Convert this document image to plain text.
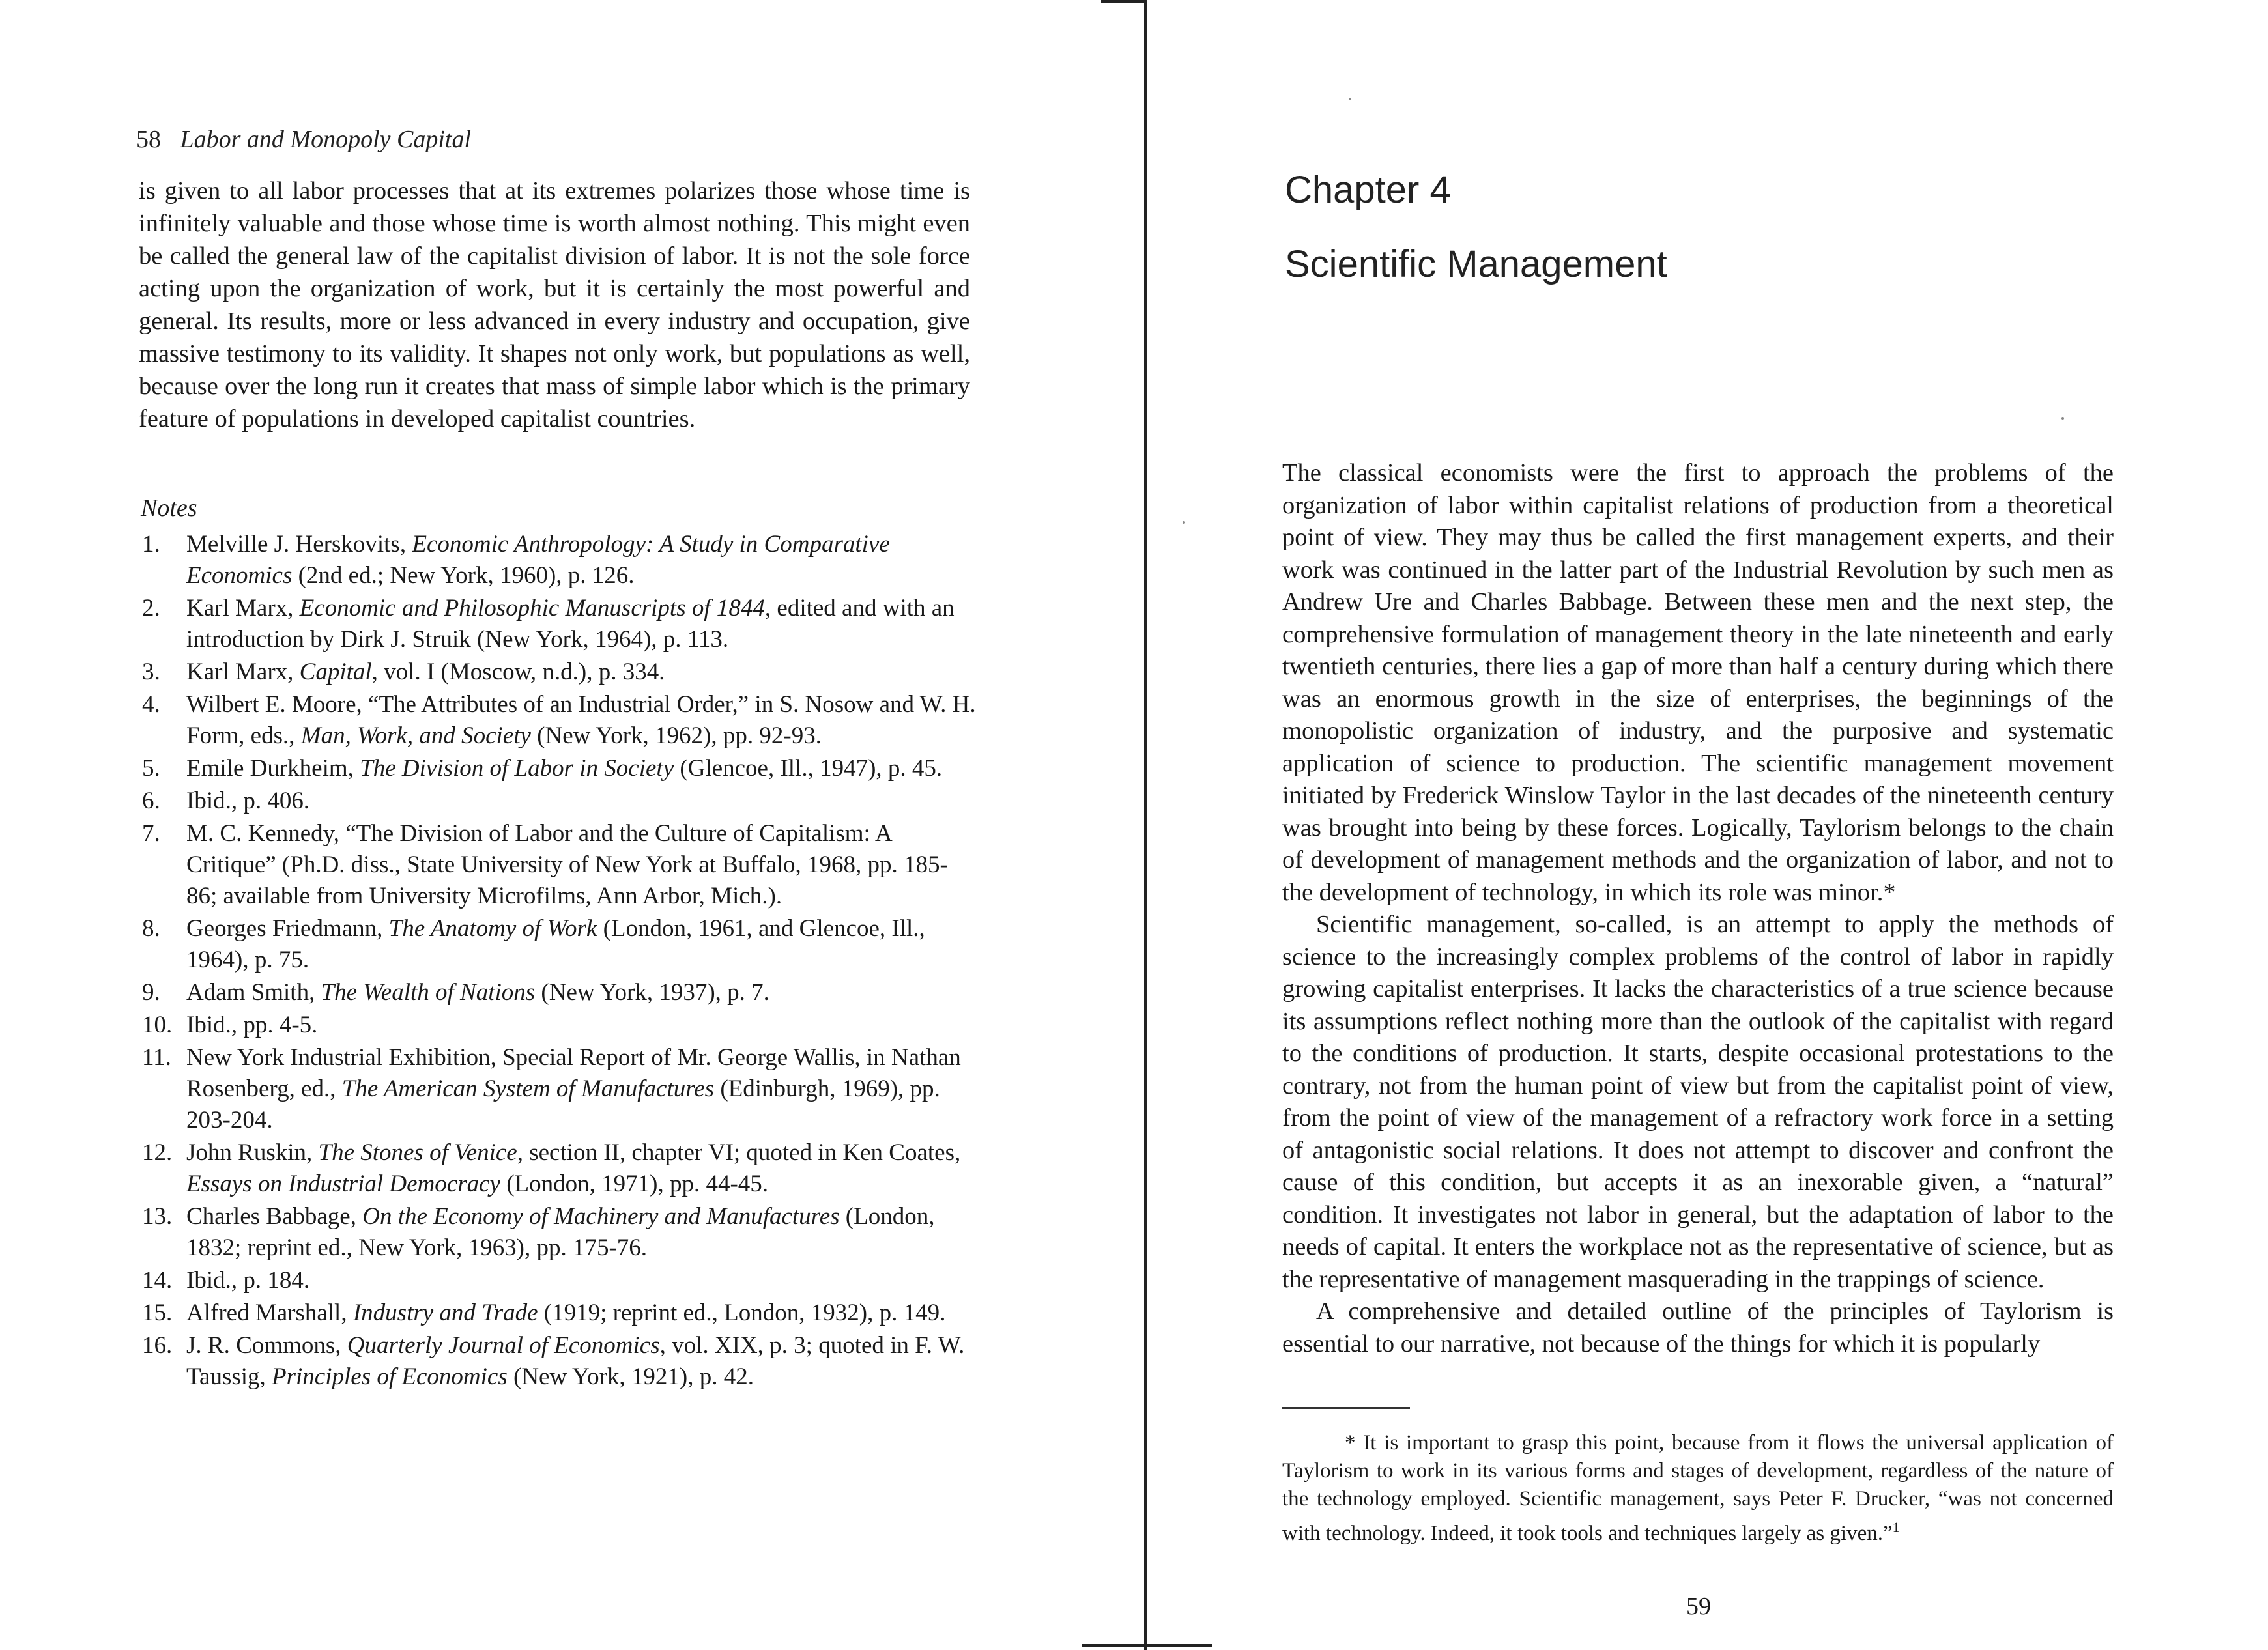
58 Labor and Monopoly Capital

is given to all labor processes that at its extremes polarizes those whose time is infinitely valuable and those whose time is worth almost nothing. This might even be called the general law of the capitalist division of labor. It is not the sole force acting upon the organization of work, but it is certainly the most powerful and general. Its results, more or less advanced in every industry and occupation, give massive testimony to its validity. It shapes not only work, but populations as well, because over the long run it creates that mass of simple labor which is the primary feature of populations in developed capitalist countries.

Notes
1. Melville J. Herskovits, Economic Anthropology: A Study in Comparative Economics (2nd ed.; New York, 1960), p. 126.
2. Karl Marx, Economic and Philosophic Manuscripts of 1844, edited and with an introduction by Dirk J. Struik (New York, 1964), p. 113.
3. Karl Marx, Capital, vol. I (Moscow, n.d.), p. 334.
4. Wilbert E. Moore, “The Attributes of an Industrial Order,” in S. Nosow and W. H. Form, eds., Man, Work, and Society (New York, 1962), pp. 92-93.
5. Emile Durkheim, The Division of Labor in Society (Glencoe, Ill., 1947), p. 45.
6. Ibid., p. 406.
7. M. C. Kennedy, “The Division of Labor and the Culture of Capitalism: A Critique” (Ph.D. diss., State University of New York at Buffalo, 1968, pp. 185-86; available from University Microfilms, Ann Arbor, Mich.).
8. Georges Friedmann, The Anatomy of Work (London, 1961, and Glencoe, Ill., 1964), p. 75.
9. Adam Smith, The Wealth of Nations (New York, 1937), p. 7.
10. Ibid., pp. 4-5.
11. New York Industrial Exhibition, Special Report of Mr. George Wallis, in Nathan Rosenberg, ed., The American System of Manufactures (Edinburgh, 1969), pp. 203-204.
12. John Ruskin, The Stones of Venice, section II, chapter VI; quoted in Ken Coates, Essays on Industrial Democracy (London, 1971), pp. 44-45.
13. Charles Babbage, On the Economy of Machinery and Manufactures (London, 1832; reprint ed., New York, 1963), pp. 175-76.
14. Ibid., p. 184.
15. Alfred Marshall, Industry and Trade (1919; reprint ed., London, 1932), p. 149.
16. J. R. Commons, Quarterly Journal of Economics, vol. XIX, p. 3; quoted in F. W. Taussig, Principles of Economics (New York, 1921), p. 42.
Chapter 4
Scientific Management

The classical economists were the first to approach the problems of the organization of labor within capitalist relations of production from a theoretical point of view. They may thus be called the first management experts, and their work was continued in the latter part of the Industrial Revolution by such men as Andrew Ure and Charles Babbage. Between these men and the next step, the comprehensive formulation of management theory in the late nineteenth and early twentieth centuries, there lies a gap of more than half a century during which there was an enormous growth in the size of enterprises, the beginnings of the monopolistic organization of industry, and the purposive and systematic application of science to production. The scientific management movement initiated by Frederick Winslow Taylor in the last decades of the nineteenth century was brought into being by these forces. Logically, Taylorism belongs to the chain of development of management methods and the organization of labor, and not to the development of technology, in which its role was minor.*

Scientific management, so-called, is an attempt to apply the methods of science to the increasingly complex problems of the control of labor in rapidly growing capitalist enterprises. It lacks the characteristics of a true science because its assumptions reflect nothing more than the outlook of the capitalist with regard to the conditions of production. It starts, despite occasional protestations to the contrary, not from the human point of view but from the capitalist point of view, from the point of view of the management of a refractory work force in a setting of antagonistic social relations. It does not attempt to discover and confront the cause of this condition, but accepts it as an inexorable given, a “natural” condition. It investigates not labor in general, but the adaptation of labor to the needs of capital. It enters the workplace not as the representative of science, but as the representative of management masquerading in the trappings of science.

A comprehensive and detailed outline of the principles of Taylorism is essential to our narrative, not because of the things for which it is popularly

* It is important to grasp this point, because from it flows the universal application of Taylorism to work in its various forms and stages of development, regardless of the nature of the technology employed. Scientific management, says Peter F. Drucker, “was not concerned with technology. Indeed, it took tools and techniques largely as given.”$^1$
59
